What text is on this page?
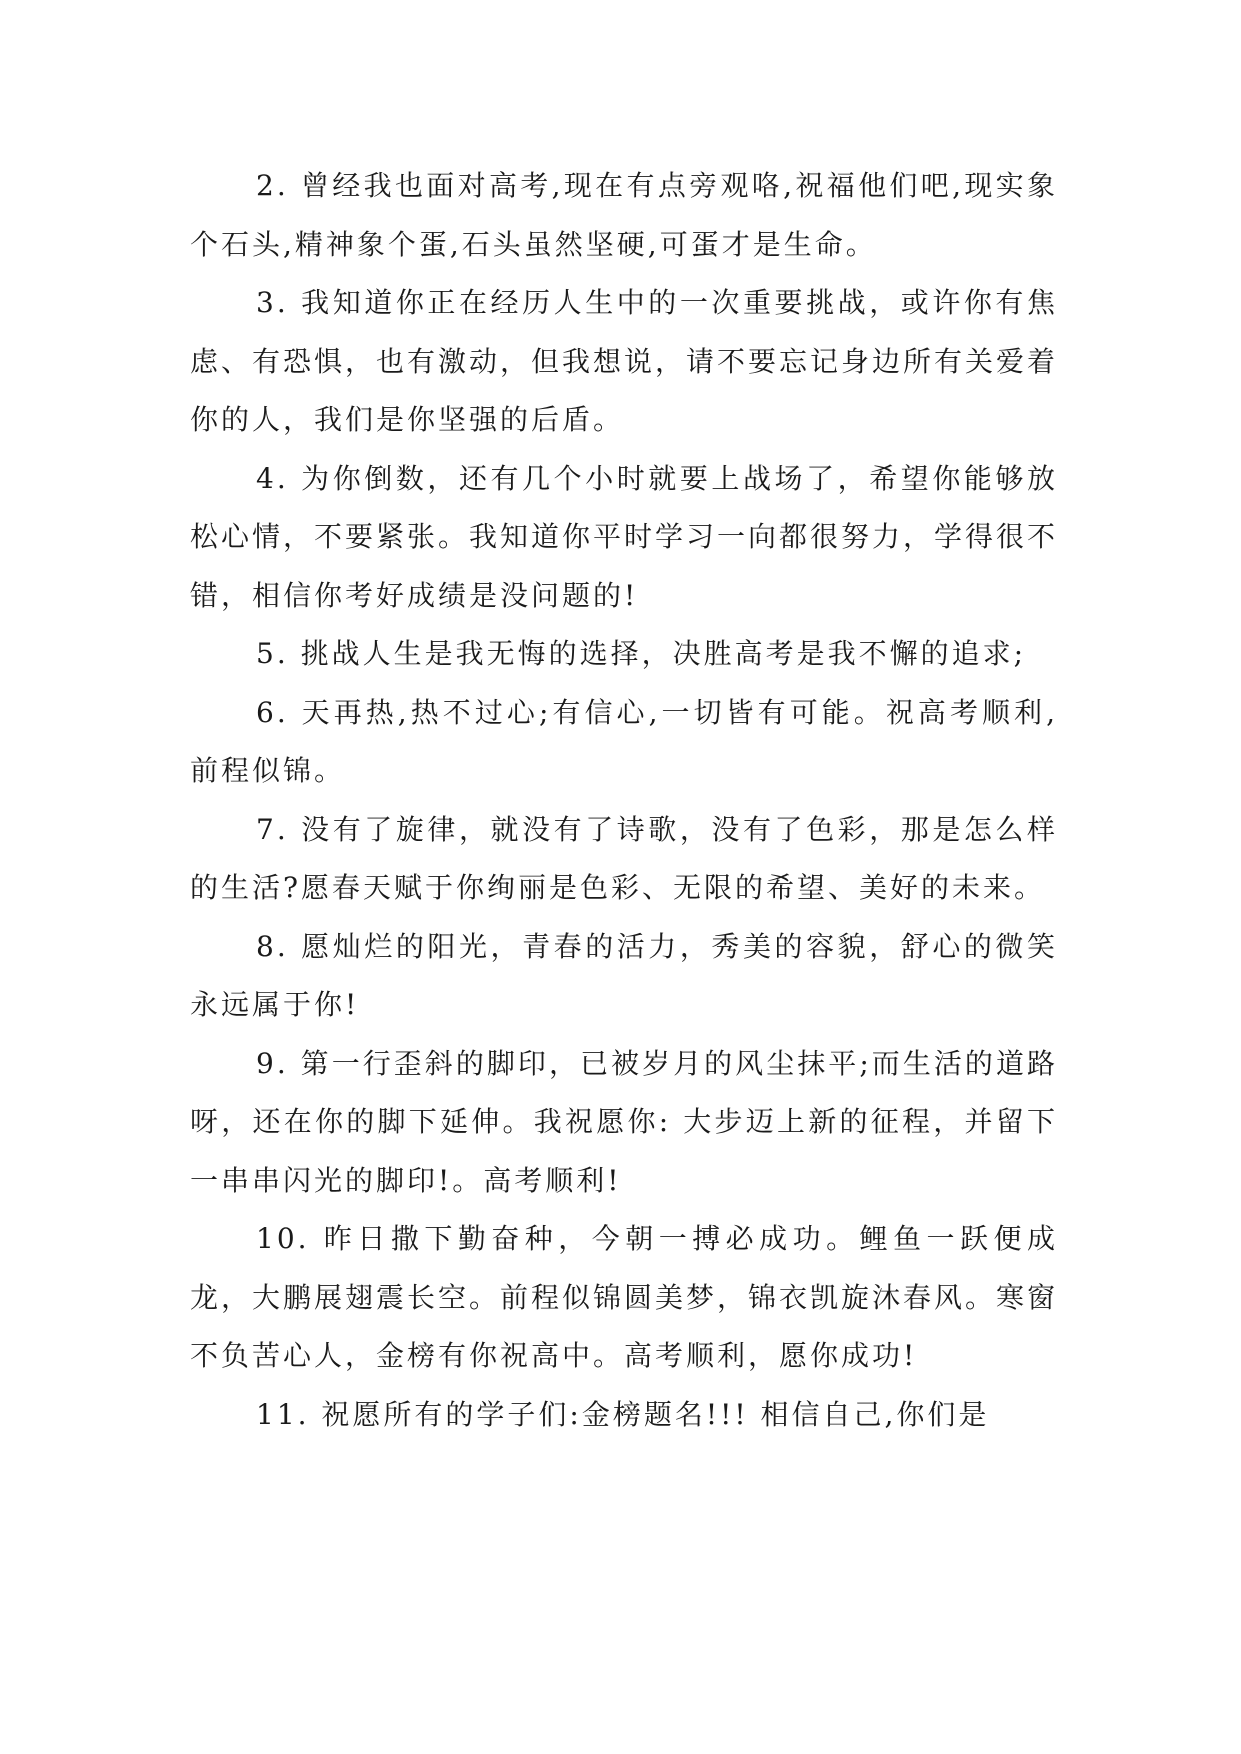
2. 曾经我也面对高考,现在有点旁观咯,祝福他们吧,现实象个石头,精神象个蛋,石头虽然坚硬,可蛋才是生命。

3. 我知道你正在经历人生中的一次重要挑战，或许你有焦虑、有恐惧，也有激动，但我想说，请不要忘记身边所有关爱着你的人，我们是你坚强的后盾。

4. 为你倒数，还有几个小时就要上战场了，希望你能够放松心情，不要紧张。我知道你平时学习一向都很努力，学得很不错，相信你考好成绩是没问题的!

5. 挑战人生是我无悔的选择，决胜高考是我不懈的追求;

6. 天再热,热不过心;有信心,一切皆有可能。祝高考顺利,前程似锦。

7. 没有了旋律，就没有了诗歌，没有了色彩，那是怎么样的生活?愿春天赋于你绚丽是色彩、无限的希望、美好的未来。

8. 愿灿烂的阳光，青春的活力，秀美的容貌，舒心的微笑永远属于你!

9. 第一行歪斜的脚印，已被岁月的风尘抹平;而生活的道路呀，还在你的脚下延伸。我祝愿你: 大步迈上新的征程，并留下一串串闪光的脚印!。高考顺利!

10. 昨日撒下勤奋种，今朝一搏必成功。鲤鱼一跃便成龙，大鹏展翅震长空。前程似锦圆美梦，锦衣凯旋沐春风。寒窗不负苦心人，金榜有你祝高中。高考顺利，愿你成功!

11. 祝愿所有的学子们:金榜题名!!! 相信自己,你们是
